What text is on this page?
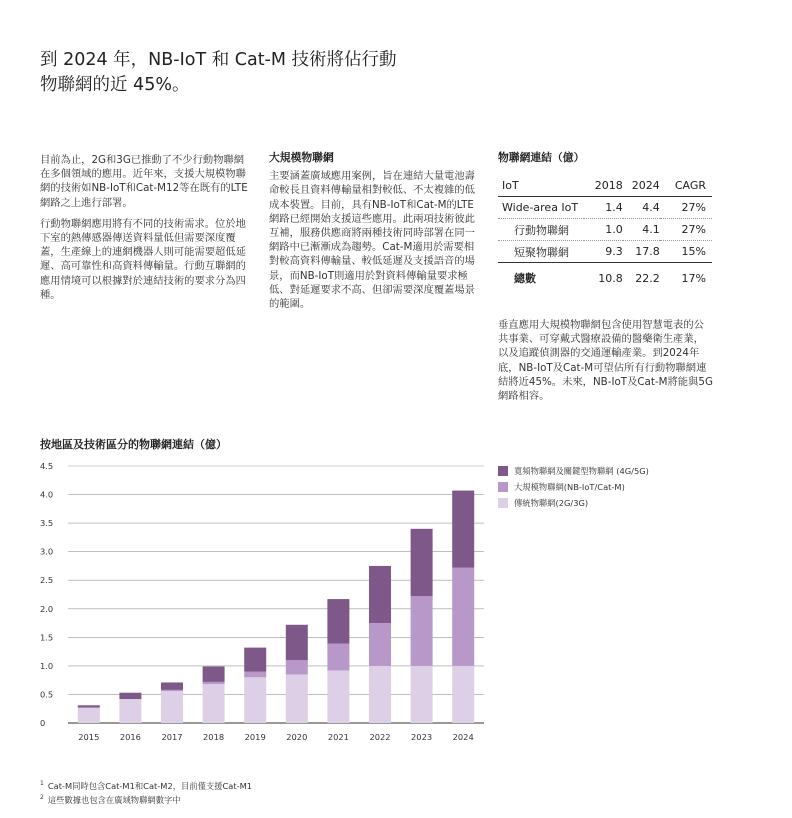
到 2024 年，NB-IoT 和 Cat-M 技術將佔行動
物聯網的近 45%。

目前為止，2G和3G已推動了不少行動物聯網在多個領域的應用。近年來，支援大規模物聯網的技術如NB-IoT和Cat-M12等在既有的LTE網路之上進行部署。

行動物聯網應用將有不同的技術需求。位於地下室的熱傳感器傳送資料量低但需要深度覆蓋，生產線上的連網機器人則可能需要超低延遲、高可靠性和高資料傳輸量。行動互聯網的應用情境可以根據對於連結技術的要求分為四種。

大規模物聯網
主要涵蓋廣域應用案例，旨在連結大量電池壽命較長且資料傳輸量相對較低、不太複雜的低成本裝置。目前，具有NB-IoT和Cat-M的LTE網路已經開始支援這些應用。此兩項技術彼此互補，服務供應商將兩種技術同時部署在同一網路中已漸漸成為趨勢。Cat-M適用於需要相對較高資料傳輸量、較低延遲及支援語音的場景，而NB-IoT則適用於對資料傳輸量要求極低、對延遲要求不高、但卻需要深度覆蓋場景的範圍。
物聯網連結（億）
IoT	2018	2024	CAGR
Wide-area IoT	1.4	4.4	27%
行動物聯網	1.0	4.1	27%
短聚物聯網	9.3	17.8	15%
總數	10.8	22.2	17%
垂直應用大規模物聯網包含使用智慧電表的公共事業、可穿戴式醫療設備的醫藥衛生產業，以及追蹤偵測器的交通運輸產業。到2024年底，NB-IoT及Cat-M可望佔所有行動物聯網連結將近45%。未來，NB-IoT及Cat-M將能與5G 網路相容。
按地區及技術區分的物聯網連結（億）
0
0.5
1.0
1.5
2.0
2.5
3.0
3.5
4.0
4.5
2015 2016 2017 2018 2019 2020 2021 2022 2023 2024
寬頻物聯網及關鍵型物聯網 (4G/5G)
大規模物聯網(NB-IoT/Cat-M)
傳統物聯網(2G/3G)
$^1$ Cat-M同時包含Cat-M1和Cat-M2，目前僅支援Cat-M1
$^2$ 這些數據也包含在廣域物聯網數字中
